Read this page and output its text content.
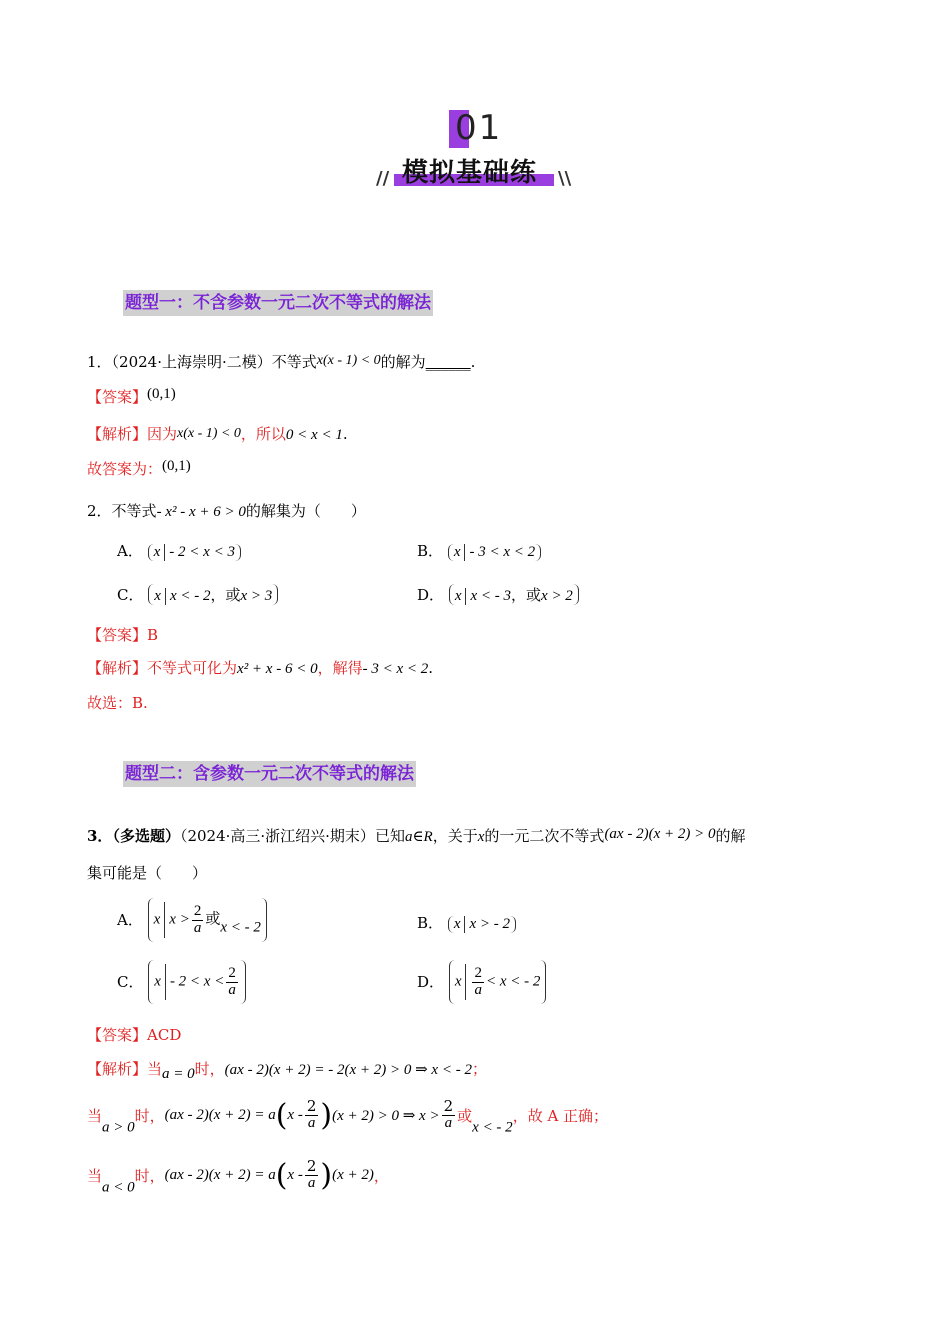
01
模拟基础练
//	\\
题型一：不含参数一元二次不等式的解法
1．（2024·上海崇明·二模）不等式x(x - 1) < 0的解为______.
【答案】(0,1)
【解析】因为x(x - 1) < 0，所以0 < x < 1.
故答案为：(0,1)
2．不等式- x² - x + 6 > 0的解集为（　　）
A． x - 2 < x < 3	B． x - 3 < x < 2
C． x x < - 2，或x > 3	D． x x < - 3，或x > 2
【答案】B
【解析】不等式可化为x² + x - 6 < 0，解得- 3 < x < 2.
故选：B.
题型二：含参数一元二次不等式的解法
3．（多选题）（2024·高三·浙江绍兴·期末）已知a∈R，关于x的一元二次不等式(ax - 2)(x + 2) > 0的解
集可能是（　　）
A． x $x > \frac{2}{a}$ 或x < - 2	B． x x > - 2
C． $x - 2 < x < \frac{2}{a}$	D． x $\frac{2}{a} < x$ < - 2
【答案】ACD
【解析】当a = 0时，(ax - 2)(x + 2) = - 2(x + 2) > 0 ⇒ x < - 2；
当a > 0时，$(ax - 2)(x + 2) = a(x - \frac{2}{a} )(x + 2) > 0$ ⇒ $x > \frac{2}{a}$ 或x < - 2，故 A 正确；
当a < 0时，$(ax - 2)(x + 2) = a(x - \frac{2}{a} )(x + 2)$，
